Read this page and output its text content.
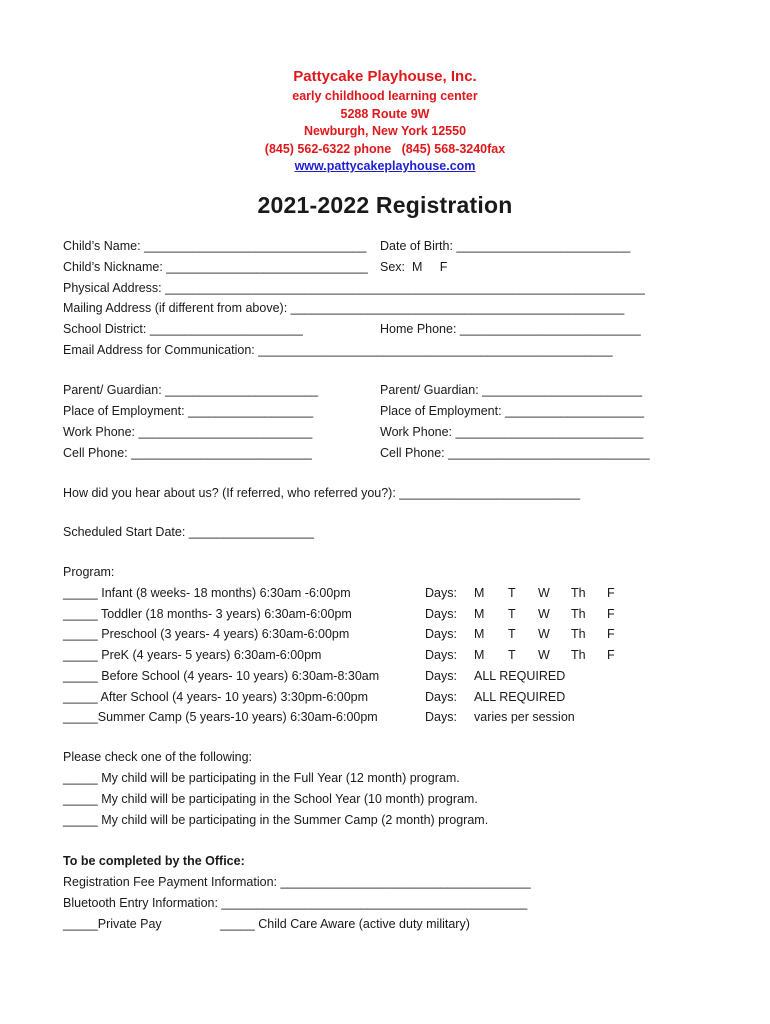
Pattycake Playhouse, Inc.
early childhood learning center
5288 Route 9W
Newburgh, New York 12550
(845) 562-6322 phone   (845) 568-3240fax
www.pattycakeplayhouse.com
2021-2022 Registration
Child’s Name: ________________________________ Date of Birth: _________________________
Child’s Nickname: _____________________________ Sex:  M     F
Physical Address: _____________________________________________________________________
Mailing Address (if different from above): ________________________________________________
School District: ______________________	Home Phone: __________________________
Email Address for Communication: ___________________________________________________
Parent/ Guardian: ______________________	Parent/ Guardian: _______________________
Place of Employment: __________________	Place of Employment: ____________________
Work Phone: _________________________	Work Phone: ___________________________
Cell Phone: __________________________	Cell Phone: _____________________________
How did you hear about us? (If referred, who referred you?): __________________________
Scheduled Start Date: __________________
Program:
_____ Infant (8 weeks- 18 months) 6:30am -6:00pm	Days: M T W Th F
_____ Toddler (18 months- 3 years) 6:30am-6:00pm	Days: M T W Th F
_____ Preschool (3 years- 4 years) 6:30am-6:00pm	Days: M T W Th F
_____ PreK (4 years- 5 years) 6:30am-6:00pm	Days: M T W Th F
_____ Before School (4 years- 10 years) 6:30am-8:30am	Days: ALL REQUIRED
_____ After School (4 years- 10 years) 3:30pm-6:00pm	Days: ALL REQUIRED
_____Summer Camp (5 years-10 years) 6:30am-6:00pm	Days: varies per session
Please check one of the following:
_____ My child will be participating in the Full Year (12 month) program.
_____ My child will be participating in the School Year (10 month) program.
_____ My child will be participating in the Summer Camp (2 month) program.
To be completed by the Office:
Registration Fee Payment Information: ____________________________________
Bluetooth Entry Information: ____________________________________________
_____Private Pay	_____ Child Care Aware (active duty military)
